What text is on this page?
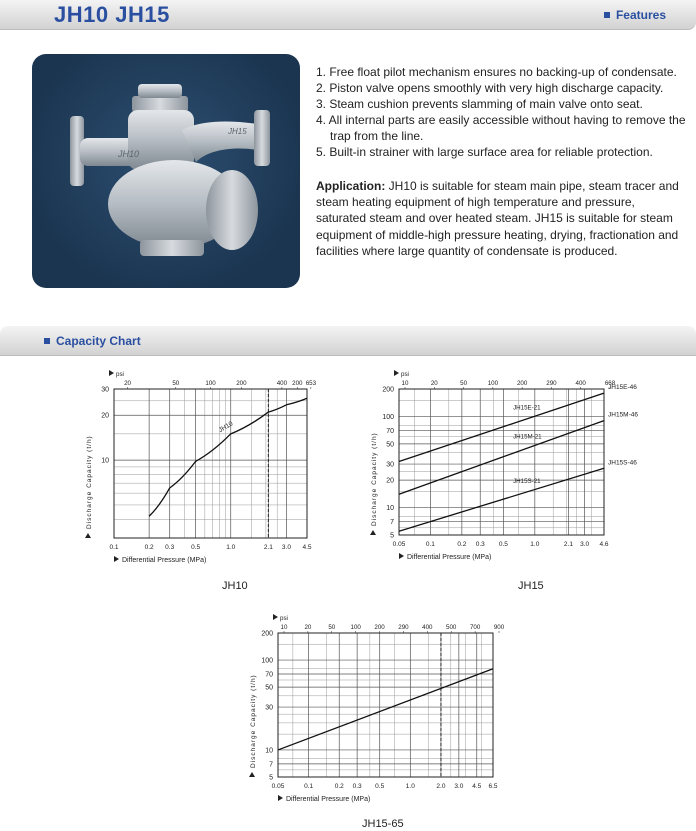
JH10 JH15	Features
JH10
JH15
1. Free float pilot mechanism ensures no backing-up of condensate.
2. Piston valve opens smoothly with very high discharge capacity.
3. Steam cushion prevents slamming of main valve onto seat.
4. All internal parts are easily accessible without having to remove the trap from the line.
5. Built-in strainer with large surface area for reliable protection.

Application: JH10 is suitable for steam main pipe, steam tracer and steam heating equipment of high temperature and pressure, saturated steam and over heated steam. JH15 is suitable for steam equipment of middle-high pressure heating, drying, fractionation and facilities where large quantity of condensate is produced.

Capacity Chart
0.1	0.2 0.3	0.5	1.0	2.1 3.0 4.5
10
20
30
20	50	100	200	400 200 653
psi
JH10
Differential Pressure (MPa)
Discharge Capacity (t/h)
0.05	0.1	0.2 0.3 0.5	1.0	2.1 3.0 4.6
5
7
10
20
30
50
70
100
200
10	20	50	100	200	290	400	668
psi
JH15E-46
JH15E-21
JH15M-46
JH15M-21
JH15S-46
JH15S-21
Differential Pressure (MPa)
Discharge Capacity (t/h)
0.05	0.1	0.2 0.3 0.5	1.0	2.0 3.0 4.5 6.5
5
7
10
30
50
70
100
200
10	20	50 100 200 290 400 500 700 900
psi
Differential Pressure (MPa)
Discharge Capacity (t/h)
JH10	JH15
JH15-65
